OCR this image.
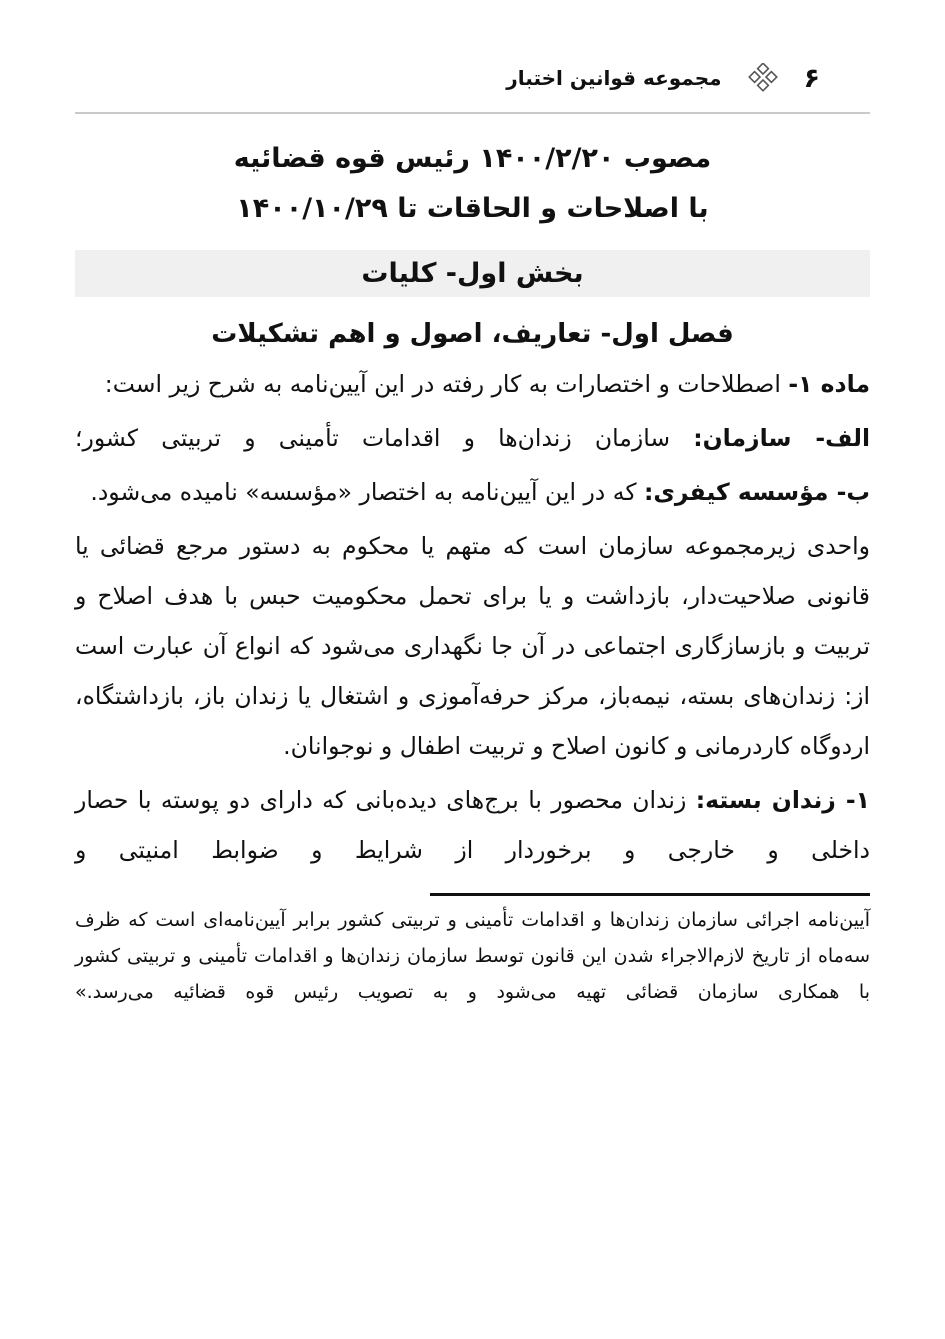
۶
مجموعه قوانین اختبار
مصوب ۱۴۰۰/۲/۲۰ رئیس قوه قضائیه
با اصلاحات و الحاقات تا ۱۴۰۰/۱۰/۲۹
بخش اول- کلیات
فصل اول- تعاریف، اصول و اهم تشکیلات

ماده ۱- اصطلاحات و اختصارات به کار رفته در این آیین‌نامه به شرح زیر است:

الف- سازمان: سازمان زندان‌ها و اقدامات تأمینی و تربیتی کشور؛

ب- مؤسسه کیفری: که در این آیین‌نامه به اختصار «مؤسسه» نامیده می‌شود.

واحدی زیرمجموعه سازمان است که متهم یا محکوم به دستور مرجع قضائی یا قانونی صلاحیت‌دار، بازداشت و یا برای تحمل محکومیت حبس با هدف اصلاح و تربیت و بازسازگاری اجتماعی در آن جا نگهداری می‌شود که انواع آن عبارت است از: زندان‌های بسته، نیمه‌باز، مرکز حرفه‌آموزی و اشتغال یا زندان باز، بازداشتگاه، اردوگاه کاردرمانی و کانون اصلاح و تربیت اطفال و نوجوانان.

۱- زندان بسته: زندان محصور با برج‌های دیده‌بانی که دارای دو پوسته با حصار داخلی و خارجی و برخوردار از شرایط و ضوابط امنیتی و

آیین‌نامه اجرائی سازمان زندان‌ها و اقدامات تأمینی و تربیتی کشور برابر آیین‌نامه‌ای است که ظرف سه‌ماه از تاریخ لازم‌الاجراء شدن این قانون توسط سازمان زندان‌ها و اقدامات تأمینی و تربیتی کشور با همکاری سازمان قضائی تهیه می‌شود و به تصویب رئیس قوه قضائیه می‌رسد.»
